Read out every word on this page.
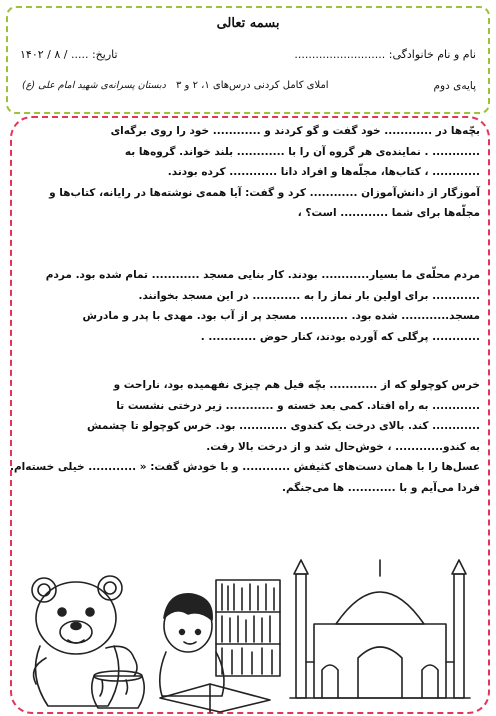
بسمه تعالی
نام و نام خانوادگی: ..........................
تاریخ: ..... / ۸ / ۱۴۰۲
پایه‌ی دوم
املای کامل کردنی درس‌های ۱، ۲ و ۳
دبستان پسرانه‌ی شهید امام علی (ع)
بچّه‌ها در ............ خود گفت و گو کردند و ............ خود را روی برگه‌ای
............ . نماینده‌ی هر گروه آن را با ............ بلند خواند. گروه‌ها به
............ ، کتاب‌ها، مجلّه‌ها و افراد دانا ............ کرده بودند.
آموزگار از دانش‌آموزان ............ کرد و گفت: آیا همه‌ی نوشته‌ها در رایانه، کتاب‌ها و
مجلّه‌ها برای شما ............ است؟ ،
مردم محلّه‌ی ما بسیار............ بودند. کار بنایی مسجد ............ تمام شده بود. مردم
............ برای اولین بار نماز را به ............ در این مسجد بخوانند.
مسجد............ شده بود. ............ مسجد پر از آب بود. مهدی با پدر و مادرش
............ پرگلی که آورده بودند، کنار حوض ............ .
خرس کوچولو که از ............ بچّه فیل هم چیزی نفهمیده بود، ناراحت و
............ به راه افتاد. کمی بعد خسته و ............ زیر درختی نشست تا
............ کند. بالای درخت یک کندوی ............ بود. خرس کوچولو تا چشمش
به کندو............ ، خوش‌حال شد و از درخت بالا رفت.
عسل‌ها را با همان دست‌های کثیفش ............ و با خودش گفت: « ............ خیلی خسته‌ام.
فردا می‌آیم و با ............ ها می‌جنگم.
